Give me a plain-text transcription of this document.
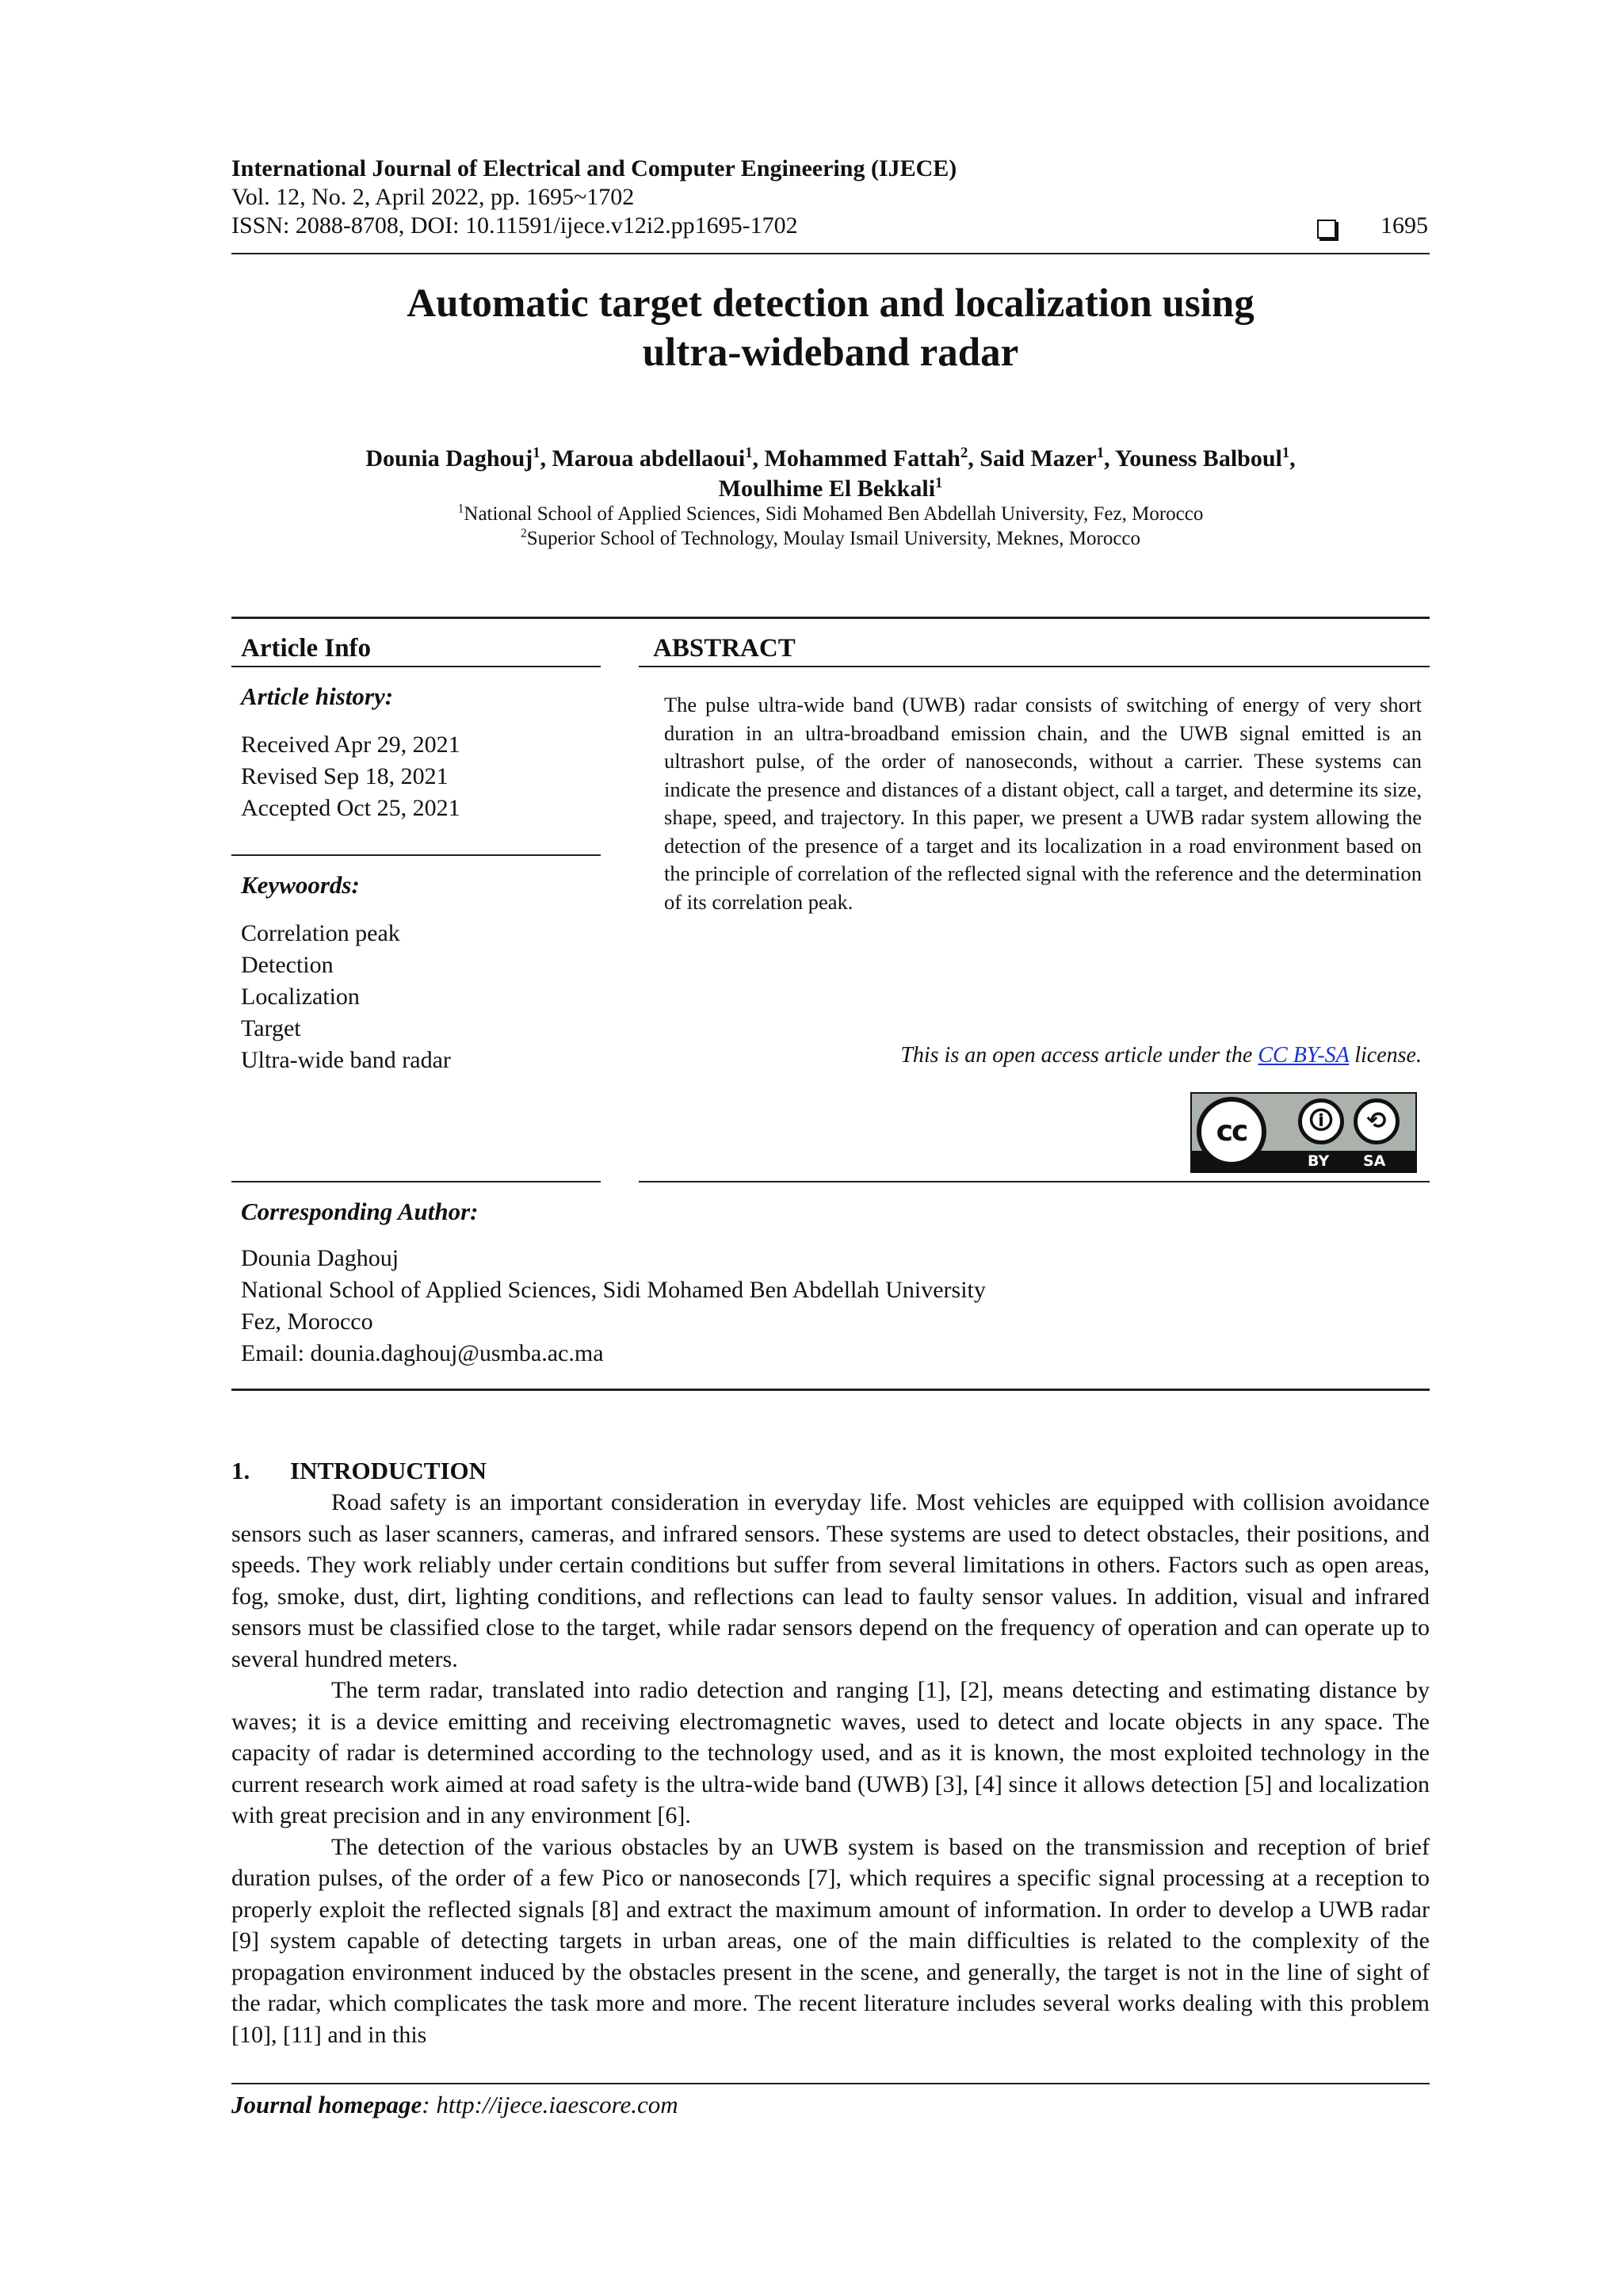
International Journal of Electrical and Computer Engineering (IJECE)
Vol. 12, No. 2, April 2022, pp. 1695~1702
ISSN: 2088-8708, DOI: 10.11591/ijece.v12i2.pp1695-1702	1695
Automatic target detection and localization using
ultra-wideband radar
Dounia Daghouj$^1$, Maroua abdellaoui$^1$, Mohammed Fattah$^2$, Said Mazer$^1$, Youness Balboul$^1$,
Moulhime El Bekkali$^1$
$^1$National School of Applied Sciences, Sidi Mohamed Ben Abdellah University, Fez, Morocco
$^2$Superior School of Technology, Moulay Ismail University, Meknes, Morocco
Article Info
Article history:
Received Apr 29, 2021
Revised Sep 18, 2021
Accepted Oct 25, 2021
Keywoords:
Correlation peak
Detection
Localization
Target
Ultra-wide band radar
ABSTRACT
The pulse ultra-wide band (UWB) radar consists of switching of energy of very short duration in an ultra-broadband emission chain, and the UWB signal emitted is an ultrashort pulse, of the order of nanoseconds, without a carrier. These systems can indicate the presence and distances of a distant object, call a target, and determine its size, shape, speed, and trajectory. In this paper, we present a UWB radar system allowing the detection of the presence of a target and its localization in a road environment based on the principle of correlation of the reflected signal with the reference and the determination of its correlation peak.
This is an open access article under the CC BY-SA license.
cc	🛈	⟲
BY SA
Corresponding Author:
Dounia Daghouj
National School of Applied Sciences, Sidi Mohamed Ben Abdellah University
Fez, Morocco
Email: dounia.daghouj@usmba.ac.ma
1. INTRODUCTION

Road safety is an important consideration in everyday life. Most vehicles are equipped with collision avoidance sensors such as laser scanners, cameras, and infrared sensors. These systems are used to detect obstacles, their positions, and speeds. They work reliably under certain conditions but suffer from several limitations in others. Factors such as open areas, fog, smoke, dust, dirt, lighting conditions, and reflections can lead to faulty sensor values. In addition, visual and infrared sensors must be classified close to the target, while radar sensors depend on the frequency of operation and can operate up to several hundred meters.

The term radar, translated into radio detection and ranging [1], [2], means detecting and estimating distance by waves; it is a device emitting and receiving electromagnetic waves, used to detect and locate objects in any space. The capacity of radar is determined according to the technology used, and as it is known, the most exploited technology in the current research work aimed at road safety is the ultra-wide band (UWB) [3], [4] since it allows detection [5] and localization with great precision and in any environment [6].

The detection of the various obstacles by an UWB system is based on the transmission and reception of brief duration pulses, of the order of a few Pico or nanoseconds [7], which requires a specific signal processing at a reception to properly exploit the reflected signals [8] and extract the maximum amount of information. In order to develop a UWB radar [9] system capable of detecting targets in urban areas, one of the main difficulties is related to the complexity of the propagation environment induced by the obstacles present in the scene, and generally, the target is not in the line of sight of the radar, which complicates the task more and more. The recent literature includes several works dealing with this problem [10], [11] and in this

Journal homepage: http://ijece.iaescore.com
